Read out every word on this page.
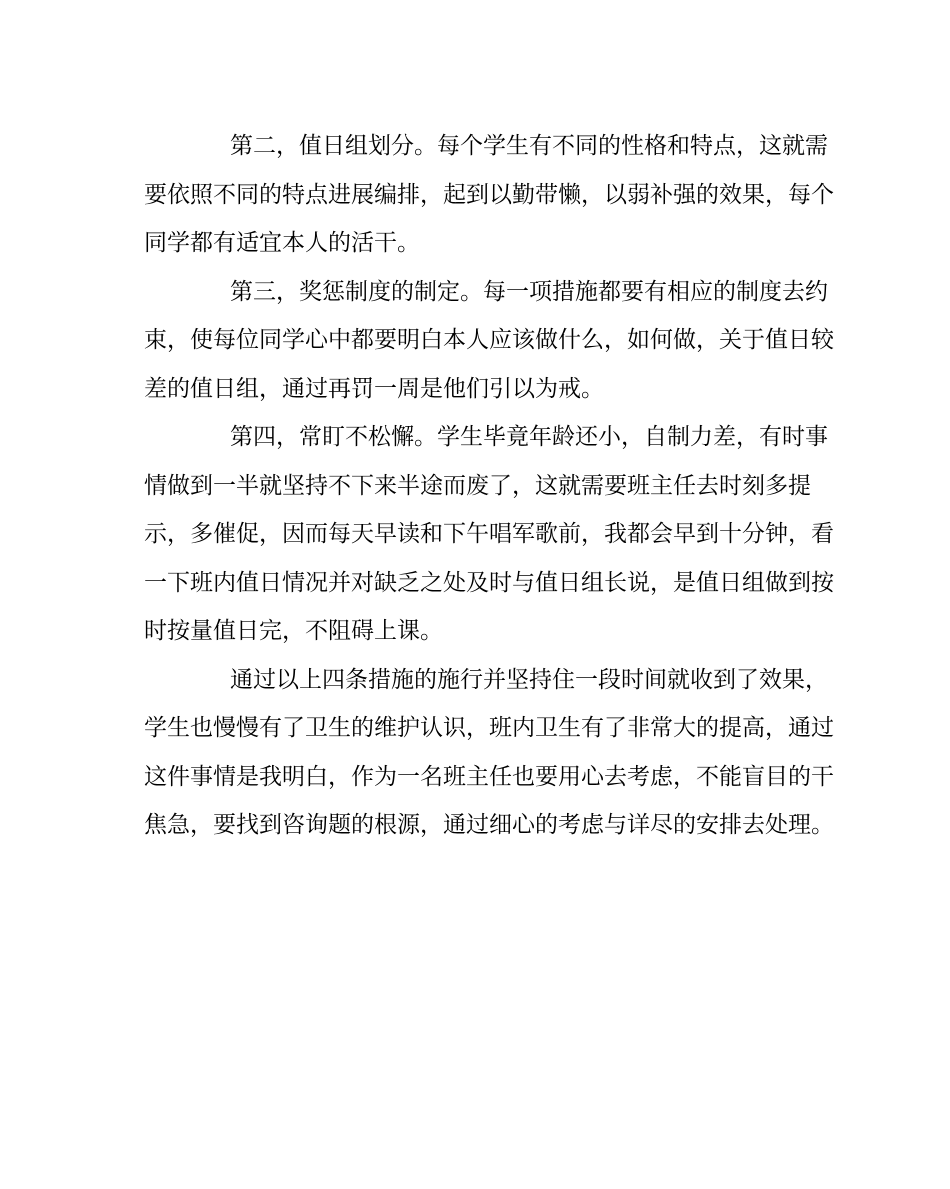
第二，值日组划分。每个学生有不同的性格和特点，这就需
要依照不同的特点进展编排，起到以勤带懒，以弱补强的效果，每个
同学都有适宜本人的活干。
第三，奖惩制度的制定。每一项措施都要有相应的制度去约
束，使每位同学心中都要明白本人应该做什么，如何做，关于值日较
差的值日组，通过再罚一周是他们引以为戒。
第四，常盯不松懈。学生毕竟年龄还小，自制力差，有时事
情做到一半就坚持不下来半途而废了，这就需要班主任去时刻多提
示，多催促，因而每天早读和下午唱军歌前，我都会早到十分钟，看
一下班内值日情况并对缺乏之处及时与值日组长说，是值日组做到按
时按量值日完，不阻碍上课。
通过以上四条措施的施行并坚持住一段时间就收到了效果，
学生也慢慢有了卫生的维护认识，班内卫生有了非常大的提高，通过
这件事情是我明白，作为一名班主任也要用心去考虑，不能盲目的干
焦急，要找到咨询题的根源，通过细心的考虑与详尽的安排去处理。
